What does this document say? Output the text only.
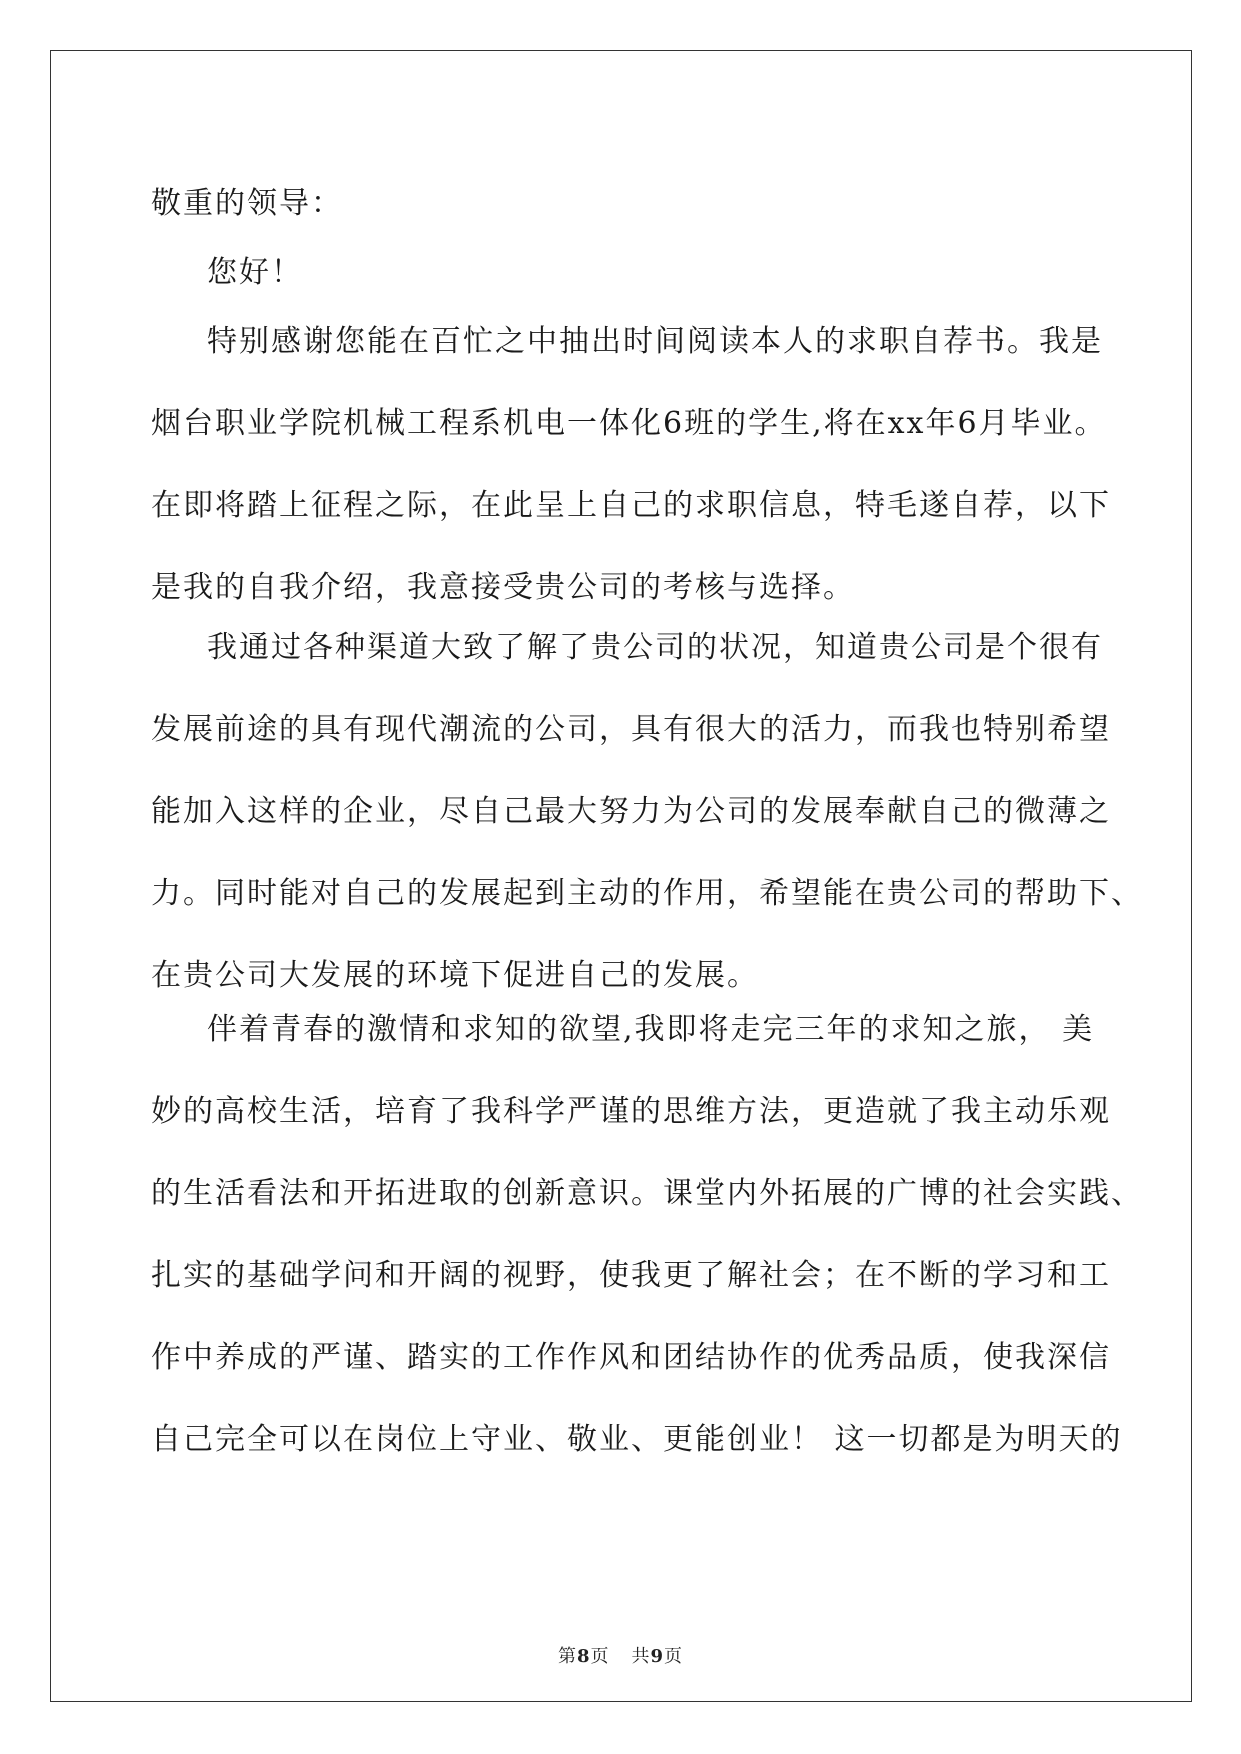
敬重的领导：
您好！
特别感谢您能在百忙之中抽出时间阅读本人的求职自荐书。我是
烟台职业学院机械工程系机电一体化6班的学生,将在xx年6月毕业。
在即将踏上征程之际，在此呈上自己的求职信息，特毛遂自荐，以下
是我的自我介绍，我意接受贵公司的考核与选择。
我通过各种渠道大致了解了贵公司的状况，知道贵公司是个很有
发展前途的具有现代潮流的公司，具有很大的活力，而我也特别希望
能加入这样的企业，尽自己最大努力为公司的发展奉献自己的微薄之
力。同时能对自己的发展起到主动的作用，希望能在贵公司的帮助下、
在贵公司大发展的环境下促进自己的发展。
伴着青春的激情和求知的欲望,我即将走完三年的求知之旅， 美
妙的高校生活，培育了我科学严谨的思维方法，更造就了我主动乐观
的生活看法和开拓进取的创新意识。课堂内外拓展的广博的社会实践、
扎实的基础学问和开阔的视野，使我更了解社会；在不断的学习和工
作中养成的严谨、踏实的工作作风和团结协作的优秀品质，使我深信
自己完全可以在岗位上守业、敬业、更能创业！ 这一切都是为明天的
第8页 共9页
